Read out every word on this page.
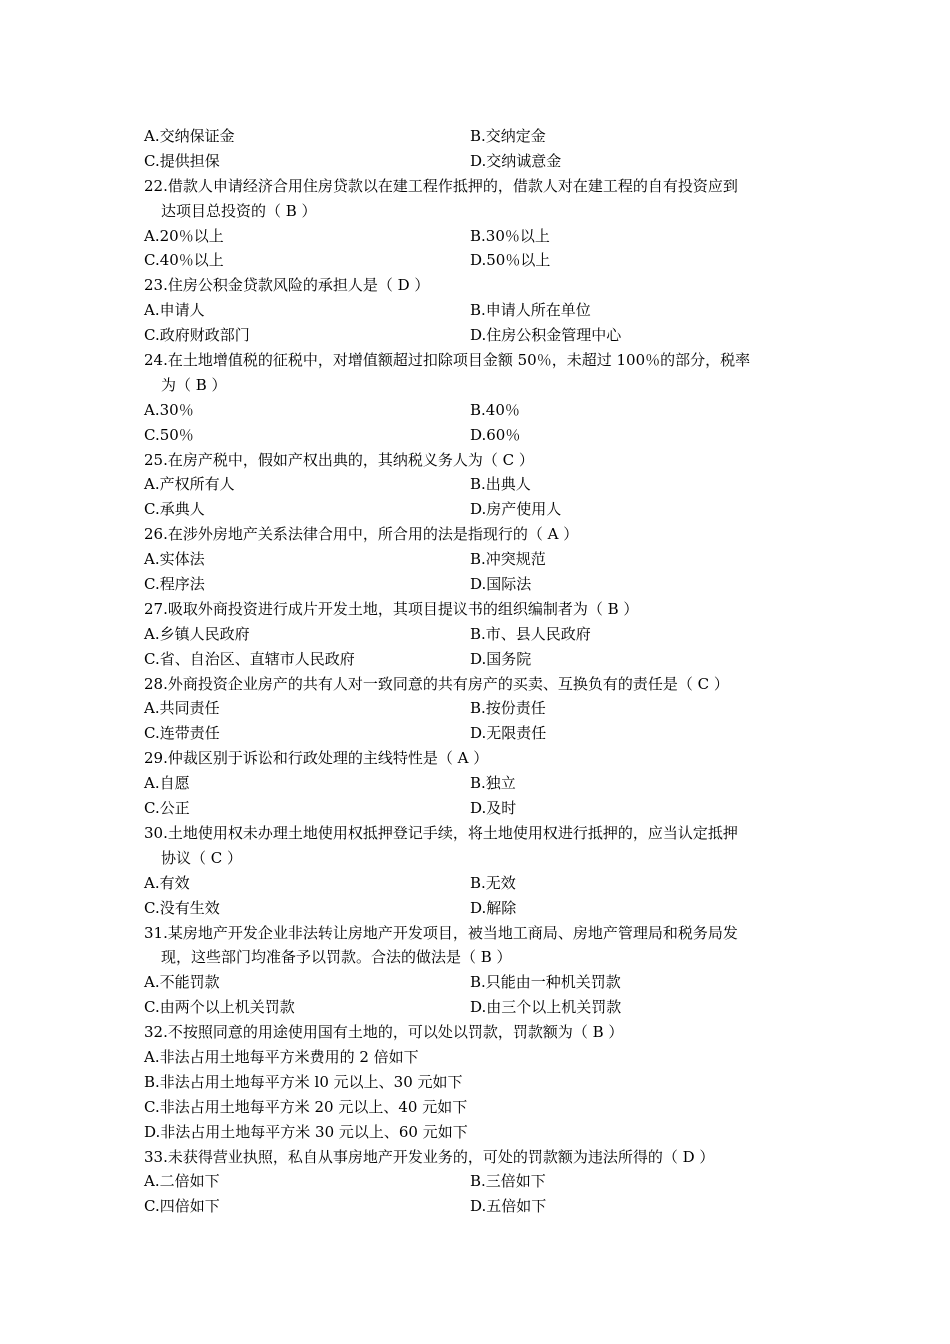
A.交纳保证金	B.交纳定金
C.提供担保	D.交纳诚意金
22.借款人申请经济合用住房贷款以在建工程作抵押的，借款人对在建工程的自有投资应到
达项目总投资的（ B ）
A.20％以上	B.30％以上
C.40％以上	D.50％以上
23.住房公积金贷款风险的承担人是（ D ）
A.申请人	B.申请人所在单位
C.政府财政部门	D.住房公积金管理中心
24.在土地增值税的征税中，对增值额超过扣除项目金额 50％，未超过 100％的部分，税率
为（ B ）
A.30％	B.40％
C.50％	D.60％
25.在房产税中，假如产权出典的，其纳税义务人为（ C ）
A.产权所有人	B.出典人
C.承典人	D.房产使用人
26.在涉外房地产关系法律合用中，所合用的法是指现行的（ A ）
A.实体法	B.冲突规范
C.程序法	D.国际法
27.吸取外商投资进行成片开发土地，其项目提议书的组织编制者为（ B ）
A.乡镇人民政府	B.市、县人民政府
C.省、自治区、直辖市人民政府	D.国务院
28.外商投资企业房产的共有人对一致同意的共有房产的买卖、互换负有的责任是（ C ）
A.共同责任	B.按份责任
C.连带责任	D.无限责任
29.仲裁区别于诉讼和行政处理的主线特性是（ A ）
A.自愿	B.独立
C.公正	D.及时
30.土地使用权未办理土地使用权抵押登记手续，将土地使用权进行抵押的，应当认定抵押
协议（ C ）
A.有效	B.无效
C.没有生效	D.解除
31.某房地产开发企业非法转让房地产开发项目，被当地工商局、房地产管理局和税务局发
现，这些部门均准备予以罚款。合法的做法是（ B ）
A.不能罚款	B.只能由一种机关罚款
C.由两个以上机关罚款	D.由三个以上机关罚款
32.不按照同意的用途使用国有土地的，可以处以罚款，罚款额为（ B ）
A.非法占用土地每平方米费用的 2 倍如下
B.非法占用土地每平方米 l0 元以上、30 元如下
C.非法占用土地每平方米 20 元以上、40 元如下
D.非法占用土地每平方米 30 元以上、60 元如下
33.未获得营业执照，私自从事房地产开发业务的，可处的罚款额为违法所得的（ D ）
A.二倍如下	B.三倍如下
C.四倍如下	D.五倍如下
